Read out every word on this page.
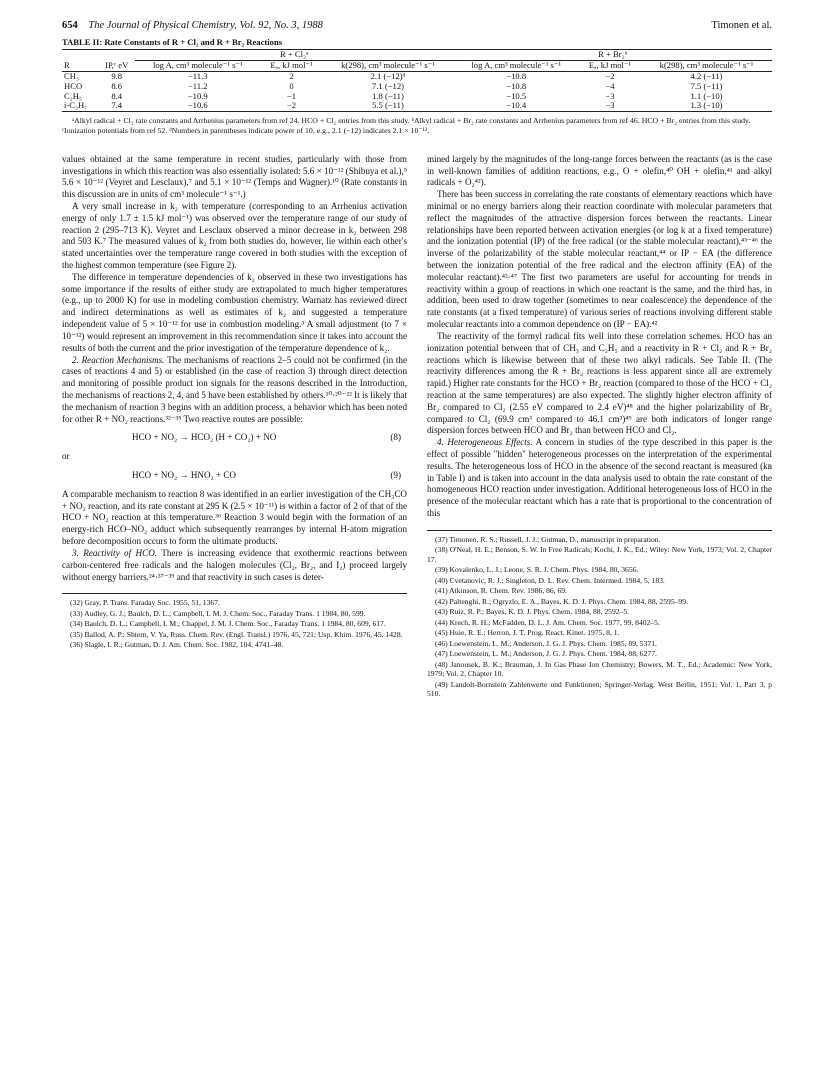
654 The Journal of Physical Chemistry, Vol. 92, No. 3, 1988	Timonen et al.
TABLE II: Rate Constants of R + Cl₂ and R + Br₂ Reactions
		R + Cl₂ᵃ			R + Br₂ᵇ		
R	IP,ᶜ eV	log A, cm³ molecule⁻¹ s⁻¹	Eₐ, kJ mol⁻¹	k(298), cm³ molecule⁻¹ s⁻¹	log A, cm³ molecule⁻¹ s⁻¹	Eₐ, kJ mol⁻¹	k(298), cm³ molecule⁻¹ s⁻¹
CH₃	9.8	−11.3	2	2.1 (−12)ᵈ	−10.8	−2	4.2 (−11)
HCO	8.6	−11.2	0	7.1 (−12)	−10.8	−4	7.5 (−11)
C₂H₅	8.4	−10.9	−1	1.8 (−11)	−10.5	−3	1.1 (−10)
i-C₃H₇	7.4	−10.6	−2	5.5 (−11)	−10.4	−3	1.3 (−10)
ᵃAlkyl radical + Cl₂ rate constants and Arrhenius parameters from ref 24. HCO + Cl₂ entries from this study. ᵇAlkyl radical + Br₂ rate constants and Arrhenius parameters from ref 46. HCO + Br₂ entries from this study. ᶜIonization potentials from ref 52. ᵈNumbers in parentheses indicate power of 10, e.g., 2.1 (−12) indicates 2.1 × 10⁻¹².

values obtained at the same temperature in recent studies, particularly with those from investigations in which this reaction was also essentially isolated: 5.6 × 10⁻¹² (Shibuya et al.),⁵ 5.6 × 10⁻¹² (Veyret and Lesclaux),⁷ and 5.1 × 10⁻¹² (Temps and Wagner).¹⁰ (Rate constants in this discussion are in units of cm³ molecule⁻¹ s⁻¹.)

A very small increase in k₂ with temperature (corresponding to an Arrhenius activation energy of only 1.7 ± 1.5 kJ mol⁻¹) was observed over the temperature range of our study of reaction 2 (295–713 K). Veyret and Lesclaux observed a minor decrease in k₂ between 298 and 503 K.⁷ The measured values of k₂ from both studies do, however, lie within each other's stated uncertainties over the temperature range covered in both studies with the exception of the highest common temperature (see Figure 2).

The difference in temperature dependencies of k₂ observed in these two investigations has some importance if the results of either study are extrapolated to much higher temperatures (e.g., up to 2000 K) for use in modeling combustion chemistry. Warnatz has reviewed direct and indirect determinations as well as estimates of k₂ and suggested a temperature independent value of 5 × 10⁻¹² for use in combustion modeling.³ A small adjustment (to 7 × 10⁻¹²) would represent an improvement in this recommendation since it takes into account the results of both the current and the prior investigation of the temperature dependence of k₂.

2. Reaction Mechanisms. The mechanisms of reactions 2–5 could not be confirmed (in the cases of reactions 4 and 5) or established (in the case of reaction 3) through direct detection and monitoring of possible product ion signals for the reasons described in the Introduction, the mechanisms of reactions 2, 4, and 5 have been established by others.¹⁰·²⁰⁻²² It is likely that the mechanism of reaction 3 begins with an addition process, a behavior which has been noted for other R + NO₂ reactions.³²⁻³⁵ Two reactive routes are possible:

HCO + NO₂ → HCO₂ (H + CO₂) + NO	(8)

or

HCO + NO₂ → HNO₂ + CO	(9)

A comparable mechanism to reaction 8 was identified in an earlier investigation of the CH₃CO + NO₂ reaction, and its rate constant at 295 K (2.5 × 10⁻¹¹) is within a factor of 2 of that of the HCO + NO₂ reaction at this temperature.³⁶ Reaction 3 would begin with the formation of an energy-rich HCO–NO₂ adduct which subsequently rearranges by internal H-atom migration before decomposition occurs to form the ultimate products.

3. Reactivity of HCO. There is increasing evidence that exothermic reactions between carbon-centered free radicals and the halogen molecules (Cl₂, Br₂, and I₂) proceed largely without energy barriers.²⁴·³⁷⁻³⁹ and that reactivity in such cases is deter-

(32) Gray, P. Trans. Faraday Soc. 1955, 51, 1367.

(33) Audley, G. J.; Baulch, D. L.; Campbell, I. M. J. Chem. Soc., Faraday Trans. 1 1984, 80, 599.

(34) Baulch, D. L.; Campbell, I. M.; Chappel, J. M. J. Chem. Soc., Faraday Trans. 1 1984, 80, 609, 617.

(35) Ballod, A. P.; Shtern, V. Ya, Russ. Chem. Rev. (Engl. Transl.) 1976, 45, 721; Usp. Khim. 1976, 45, 1428.

(36) Slagle, I. R.; Gutman, D. J. Am. Chem. Soc. 1982, 104, 4741–48.

mined largely by the magnitudes of the long-range forces between the reactants (as is the case in well-known families of addition reactions, e.g., O + olefin,⁴⁰ OH + olefin,⁴¹ and alkyl radicals + O₂⁴²).

There has been success in correlating the rate constants of elementary reactions which have minimal or no energy barriers along their reaction coordinate with molecular parameters that reflect the magnitudes of the attractive dispersion forces between the reactants. Linear relationships have been reported between activation energies (or log k at a fixed temperature) and the ionization potential (IP) of the free radical (or the stable molecular reactant),⁴³⁻⁴⁶ the inverse of the polarizability of the stable molecular reactant,⁴⁴ or IP − EA (the difference between the ionization potential of the free radical and the electron affinity (EA) of the molecular reactant).⁴²·⁴⁷ The first two parameters are useful for accounting for trends in reactivity within a group of reactions in which one reactant is the same, and the third has, in addition, been used to draw together (sometimes to near coalescence) the dependence of the rate constants (at a fixed temperature) of various series of reactions involving different stable molecular reactants into a common dependence on (IP − EA).⁴²

The reactivity of the formyl radical fits well into these correlation schemes. HCO has an ionization potential between that of CH₃ and C₂H₅ and a reactivity in R + Cl₂ and R + Br₂ reactions which is likewise between that of these two alkyl radicals. See Table II. (The reactivity differences among the R + Br₂ reactions is less apparent since all are extremely rapid.) Higher rate constants for the HCO + Br₂ reaction (compared to those of the HCO + Cl₂ reaction at the same temperatures) are also expected. The slightly higher electron affinity of Br₂ compared to Cl₂ (2.55 eV compared to 2.4 eV)⁴⁸ and the higher polarizability of Br₂ compared to Cl₂ (69.9 cm³ compared to 46.1 cm³)⁴⁹ are both indicators of longer range dispersion forces between HCO and Br₂ than between HCO and Cl₂.

4. Heterogeneous Effects. A concern in studies of the type described in this paper is the effect of possible "hidden" heterogeneous processes on the interpretation of the experimental results. The heterogeneous loss of HCO in the absence of the second reactant is measured (kʙ in Table I) and is taken into account in the data analysis used to obtain the rate constant of the homogeneous HCO reaction under investigation. Additional heterogeneous loss of HCO in the presence of the molecular reactant which has a rate that is proportional to the concentration of this

(37) Timonen, R. S.; Russell, J. J.; Gutman, D., manuscript in preparation.

(38) O'Neal, H. E.; Benson, S. W. In Free Radicals; Kochi, J. K., Ed.; Wiley: New York, 1973; Vol. 2, Chapter 17.

(39) Kovalenko, L. J.; Leone, S. R. J. Chem. Phys. 1984, 80, 3656.

(40) Cvetanovic, R. J.; Singleton, D. L. Rev. Chem. Intermed. 1984, 5, 183.

(41) Atkinson, R. Chem. Rev. 1986, 86, 69.

(42) Paltenghi, R.; Ogryzlo, E. A., Bayes, K. D. J. Phys. Chem. 1984, 88, 2595–99.

(43) Ruiz, R. P.; Bayes, K. D. J. Phys. Chem. 1984, 88, 2592–5.

(44) Krech, R. H.; McFadden, D. L. J. Am. Chem. Soc. 1977, 99, 8402–5.

(45) Huie, R. E.; Herron, J. T. Prog. React. Kinet. 1975, 8, 1.

(46) Loewenstein, L. M.; Anderson, J. G. J. Phys. Chem. 1985, 89, 5371.

(47) Loewenstein, L. M.; Anderson, J. G. J. Phys. Chem. 1984, 88, 6277.

(48) Janousek, B. K.; Brauman, J. In Gas Phase Ion Chemistry; Bowers, M. T., Ed.; Academic: New York, 1979; Vol. 2, Chapter 10.

(49) Landolt-Bornstein Zahlenwerte und Funktionen; Springer-Verlag, West Berlin, 1951; Vol. 1, Part 3, p 510.
